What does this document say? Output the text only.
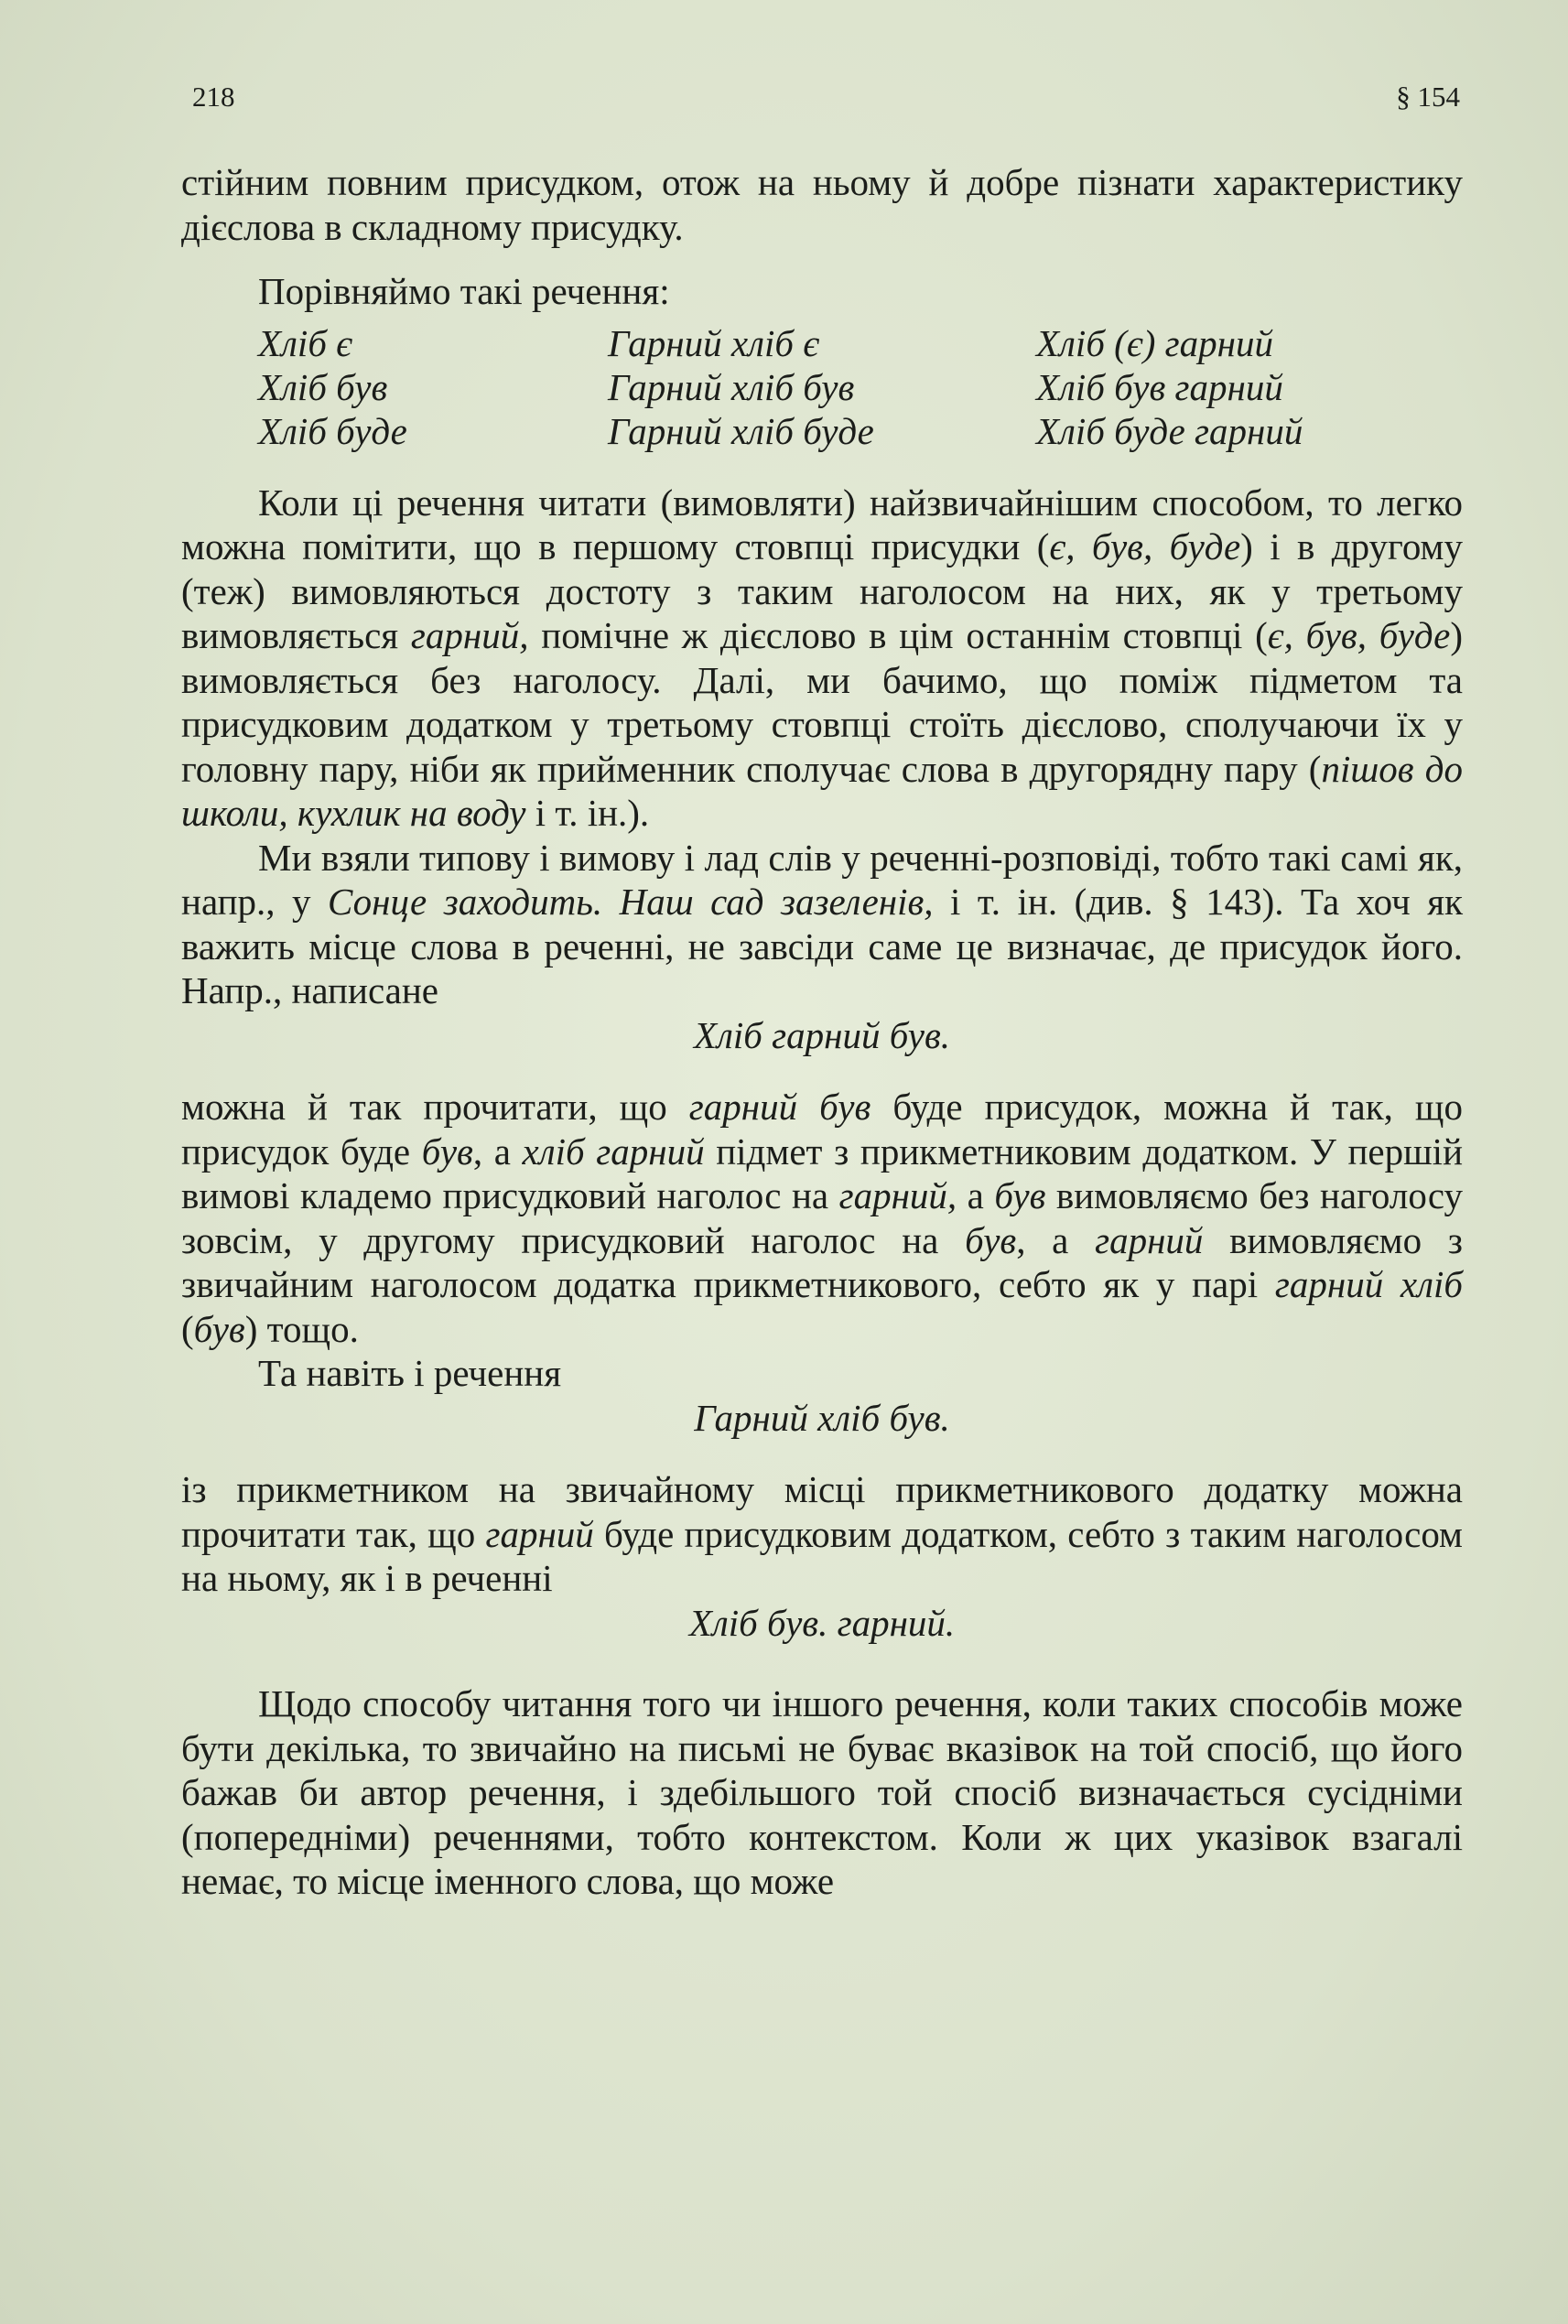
218	§ 154

стійним повним присудком, отож на ньому й добре пізнати характеристику дієслова в складному присудку.

Порівняймо такі речення:

Хліб є	Гарний хліб є	Хліб (є) гарний
Хліб був	Гарний хліб був	Хліб був гарний
Хліб буде	Гарний хліб буде	Хліб буде гарний

Коли ці речення читати (вимовляти) найзвичайнішим способом, то легко можна помітити, що в першому стовпці присудки (є, був, буде) і в другому (теж) вимовляються достоту з таким наголосом на них, як у третьому вимовляється гарний, помічне ж дієслово в цім останнім стовпці (є, був, буде) вимовляється без наголосу. Далі, ми бачимо, що поміж підметом та присудковим додатком у третьому стовпці стоїть дієслово, сполучаючи їх у головну пару, ніби як прийменник сполучає слова в другорядну пару (пішов до школи, кухлик на воду і т. ін.).

Ми взяли типову і вимову і лад слів у реченні-розповіді, тобто такі самі як, напр., у Сонце заходить. Наш сад зазеленів, і т. ін. (див. § 143). Та хоч як важить місце слова в реченні, не завсіди саме це визначає, де присудок його. Напр., написане

Хліб гарний був.

можна й так прочитати, що гарний був буде присудок, можна й так, що присудок буде був, а хліб гарний підмет з прикметниковим додатком. У першій вимові кладемо присудковий наголос на гарний, а був вимовляємо без наголосу зовсім, у другому присудковий наголос на був, а гарний вимовляємо з звичайним наголосом додатка прикметникового, себто як у парі гарний хліб (був) тощо.

Та навіть і речення

Гарний хліб був.

із прикметником на звичайному місці прикметникового додатку можна прочитати так, що гарний буде присудковим додатком, себто з таким наголосом на ньому, як і в реченні

Хліб був. гарний.

Щодо способу читання того чи іншого речення, коли таких способів може бути декілька, то звичайно на письмі не буває вказівок на той спосіб, що його бажав би автор речення, і здебільшого той спосіб визначається сусідніми (попередніми) реченнями, тобто контекстом. Коли ж цих указівок взагалі немає, то місце іменного слова, що може
